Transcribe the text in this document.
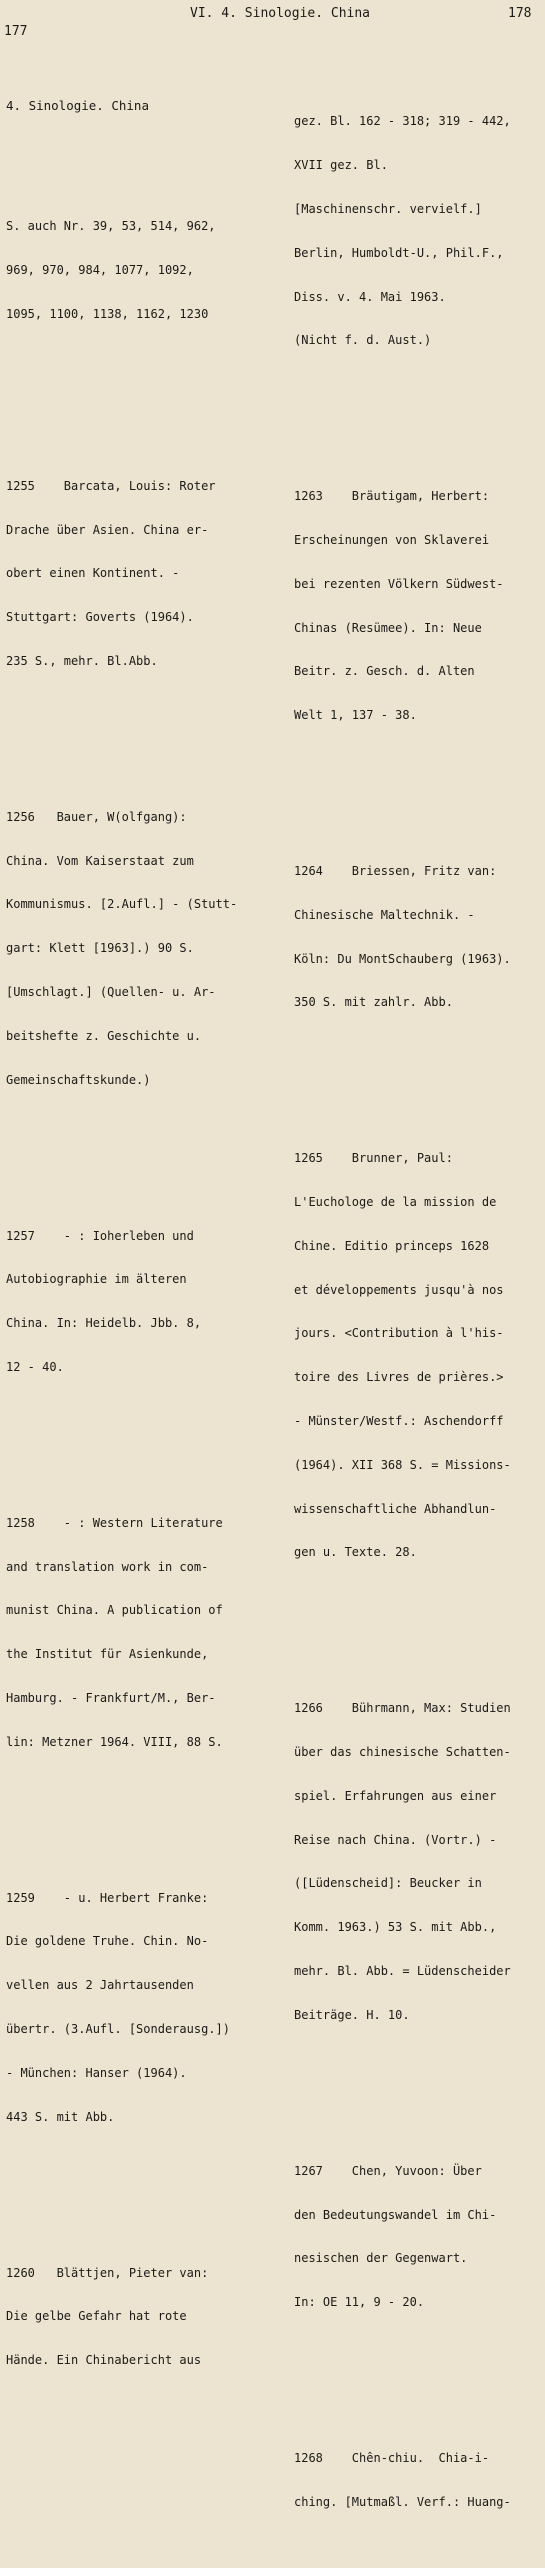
177
VI. 4. Sinologie. China	178

4. Sinologie. China

S. auch Nr. 39, 53, 514, 962,

969, 970, 984, 1077, 1092,

1095, 1100, 1138, 1162, 1230

1255    Barcata, Louis: Roter

Drache über Asien. China er-

obert einen Kontinent. -

Stuttgart: Goverts (1964).

235 S., mehr. Bl.Abb.

1256   Bauer, W(olfgang):

China. Vom Kaiserstaat zum

Kommunismus. [2.Aufl.] - (Stutt-

gart: Klett [1963].) 90 S.

[Umschlagt.] (Quellen- u. Ar-

beitshefte z. Geschichte u.

Gemeinschaftskunde.)

1257    - : Ioherleben und

Autobiographie im älteren

China. In: Heidelb. Jbb. 8,

12 - 40.

1258    - : Western Literature

and translation work in com-

munist China. A publication of

the Institut für Asienkunde,

Hamburg. - Frankfurt/M., Ber-

lin: Metzner 1964. VIII, 88 S.

1259    - u. Herbert Franke:

Die goldene Truhe. Chin. No-

vellen aus 2 Jahrtausenden

übertr. (3.Aufl. [Sonderausg.])

- München: Hanser (1964).

443 S. mit Abb.

1260   Blättjen, Pieter van:

Die gelbe Gefahr hat rote

Hände. Ein Chinabericht aus

gez. Bl. 162 - 318; 319 - 442,

XVII gez. Bl.

[Maschinenschr. vervielf.]

Berlin, Humboldt-U., Phil.F.,

Diss. v. 4. Mai 1963.

(Nicht f. d. Aust.)

1263    Bräutigam, Herbert:

Erscheinungen von Sklaverei

bei rezenten Völkern Südwest-

Chinas (Resümee). In: Neue

Beitr. z. Gesch. d. Alten

Welt 1, 137 - 38.

1264    Briessen, Fritz van:

Chinesische Maltechnik. -

Köln: Du MontSchauberg (1963).

350 S. mit zahlr. Abb.

1265    Brunner, Paul:

L'Euchologe de la mission de

Chine. Editio princeps 1628

et développements jusqu'à nos

jours. <Contribution à l'his-

toire des Livres de prières.>

- Münster/Westf.: Aschendorff

(1964). XII 368 S. = Missions-

wissenschaftliche Abhandlun-

gen u. Texte. 28.

1266    Bührmann, Max: Studien

über das chinesische Schatten-

spiel. Erfahrungen aus einer

Reise nach China. (Vortr.) -

([Lüdenscheid]: Beucker in

Komm. 1963.) 53 S. mit Abb.,

mehr. Bl. Abb. = Lüdenscheider

Beiträge. H. 10.

1267    Chen, Yuvoon: Über

den Bedeutungswandel im Chi-

nesischen der Gegenwart.

In: OE 11, 9 - 20.

1268    Chên-chiu.  Chia-i-

ching. [Mutmaßl. Verf.: Huang-
